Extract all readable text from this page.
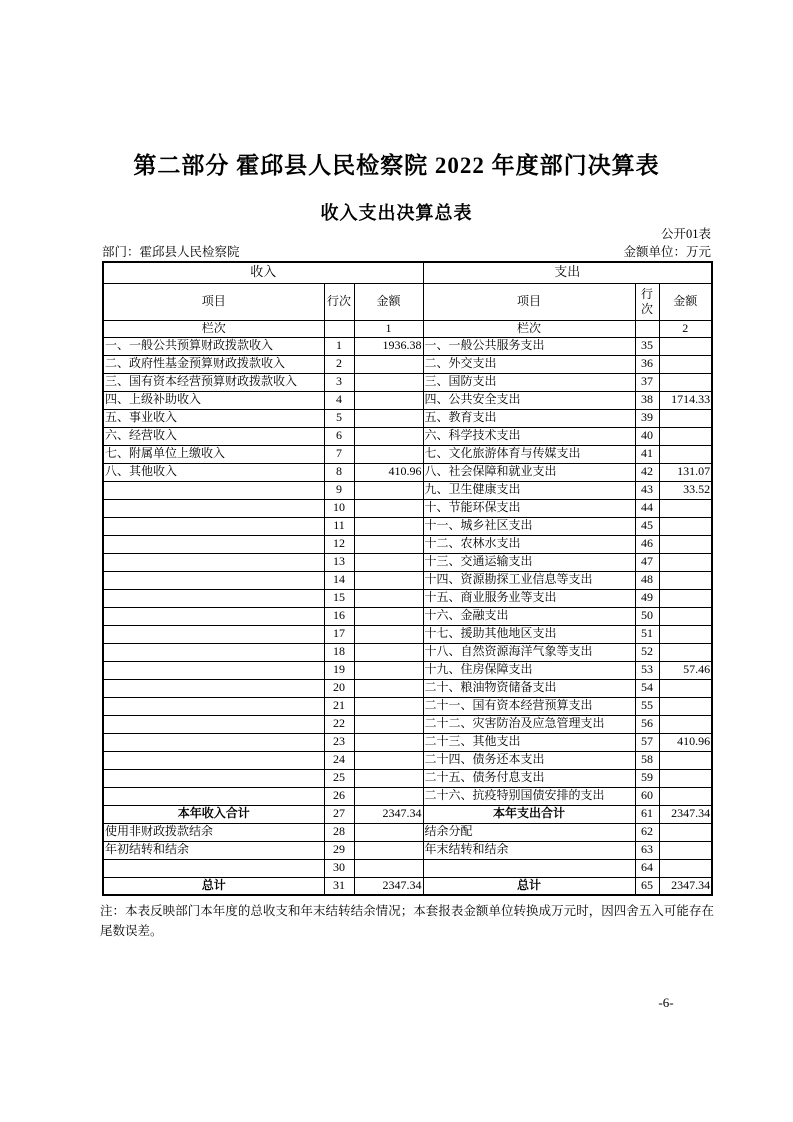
第二部分 霍邱县人民检察院 2022 年度部门决算表
收入支出决算总表
公开01表
部门：霍邱县人民检察院	金额单位：万元
收入			支出		
项目	行次	金额	项目	行次	金额
栏次		1	栏次		2
一、一般公共预算财政拨款收入	1	1936.38	一、一般公共服务支出	35	
二、政府性基金预算财政拨款收入	2		二、外交支出	36	
三、国有资本经营预算财政拨款收入	3		三、国防支出	37	
四、上级补助收入	4		四、公共安全支出	38	1714.33
五、事业收入	5		五、教育支出	39	
六、经营收入	6		六、科学技术支出	40	
七、附属单位上缴收入	7		七、文化旅游体育与传媒支出	41	
八、其他收入	8	410.96	八、社会保障和就业支出	42	131.07
	9		九、卫生健康支出	43	33.52
	10		十、节能环保支出	44	
	11		十一、城乡社区支出	45	
	12		十二、农林水支出	46	
	13		十三、交通运输支出	47	
	14		十四、资源勘探工业信息等支出	48	
	15		十五、商业服务业等支出	49	
	16		十六、金融支出	50	
	17		十七、援助其他地区支出	51	
	18		十八、自然资源海洋气象等支出	52	
	19		十九、住房保障支出	53	57.46
	20		二十、粮油物资储备支出	54	
	21		二十一、国有资本经营预算支出	55	
	22		二十二、灾害防治及应急管理支出	56	
	23		二十三、其他支出	57	410.96
	24		二十四、债务还本支出	58	
	25		二十五、债务付息支出	59	
	26		二十六、抗疫特别国债安排的支出	60	
本年收入合计	27	2347.34	本年支出合计	61	2347.34
使用非财政拨款结余	28		结余分配	62	
年初结转和结余	29		年末结转和结余	63	
	30			64	
总计	31	2347.34	总计	65	2347.34
注：本表反映部门本年度的总收支和年末结转结余情况；本套报表金额单位转换成万元时，因四舍五入可能存在尾数误差。
-6-
